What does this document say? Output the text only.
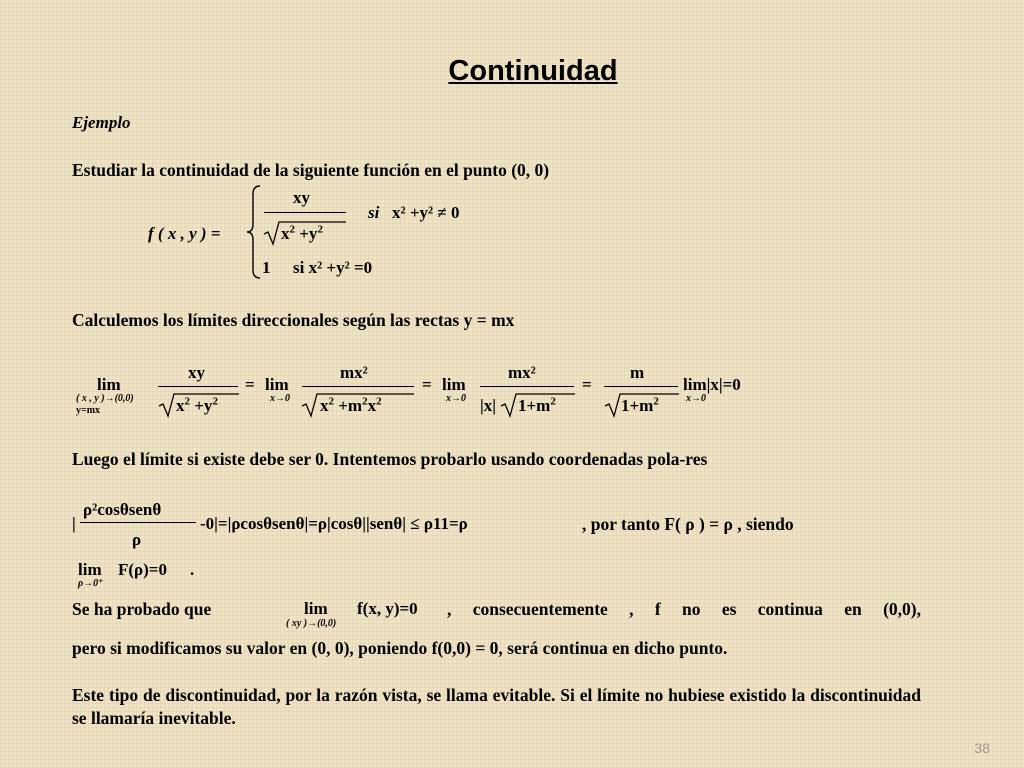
Continuidad
Ejemplo
Estudiar la continuidad de la siguiente función en el punto (0, 0)
f ( x , y ) =
xy
$x^2 +y^2$
si x² +y² ≠ 0
1 si x² +y² =0
Calculemos los límites direccionales según las rectas y = mx
lim
( x , y )→(0,0)
y=mx
xy
$x^2 +y^2$
= lim
x→0
mx²
$x^2 +m^2x^2$
= lim
x→0
mx²
|x| $1+m^2$
=
m
$1+m^2$
lim|x|=0
x→0
Luego el límite si existe debe ser 0. Intentemos probarlo usando coordenadas pola-res
|
ρ²cosθsenθ
ρ
-0|=|ρcosθsenθ|=ρ|cosθ||senθ| ≤ ρ11=ρ	, por tanto F( ρ ) = ρ , siendo
lim F(ρ)=0 .
ρ→0⁺
Se ha probado que	lim
( xy )→(0,0)
f(x, y)=0 , consecuentemente , f no es continua en (0,0),
pero si modificamos su valor en (0, 0), poniendo f(0,0) = 0, será continua en dicho punto.
Este tipo de discontinuidad, por la razón vista, se llama evitable. Si el límite no hubiese existido la discontinuidad se llamaría inevitable.
38
